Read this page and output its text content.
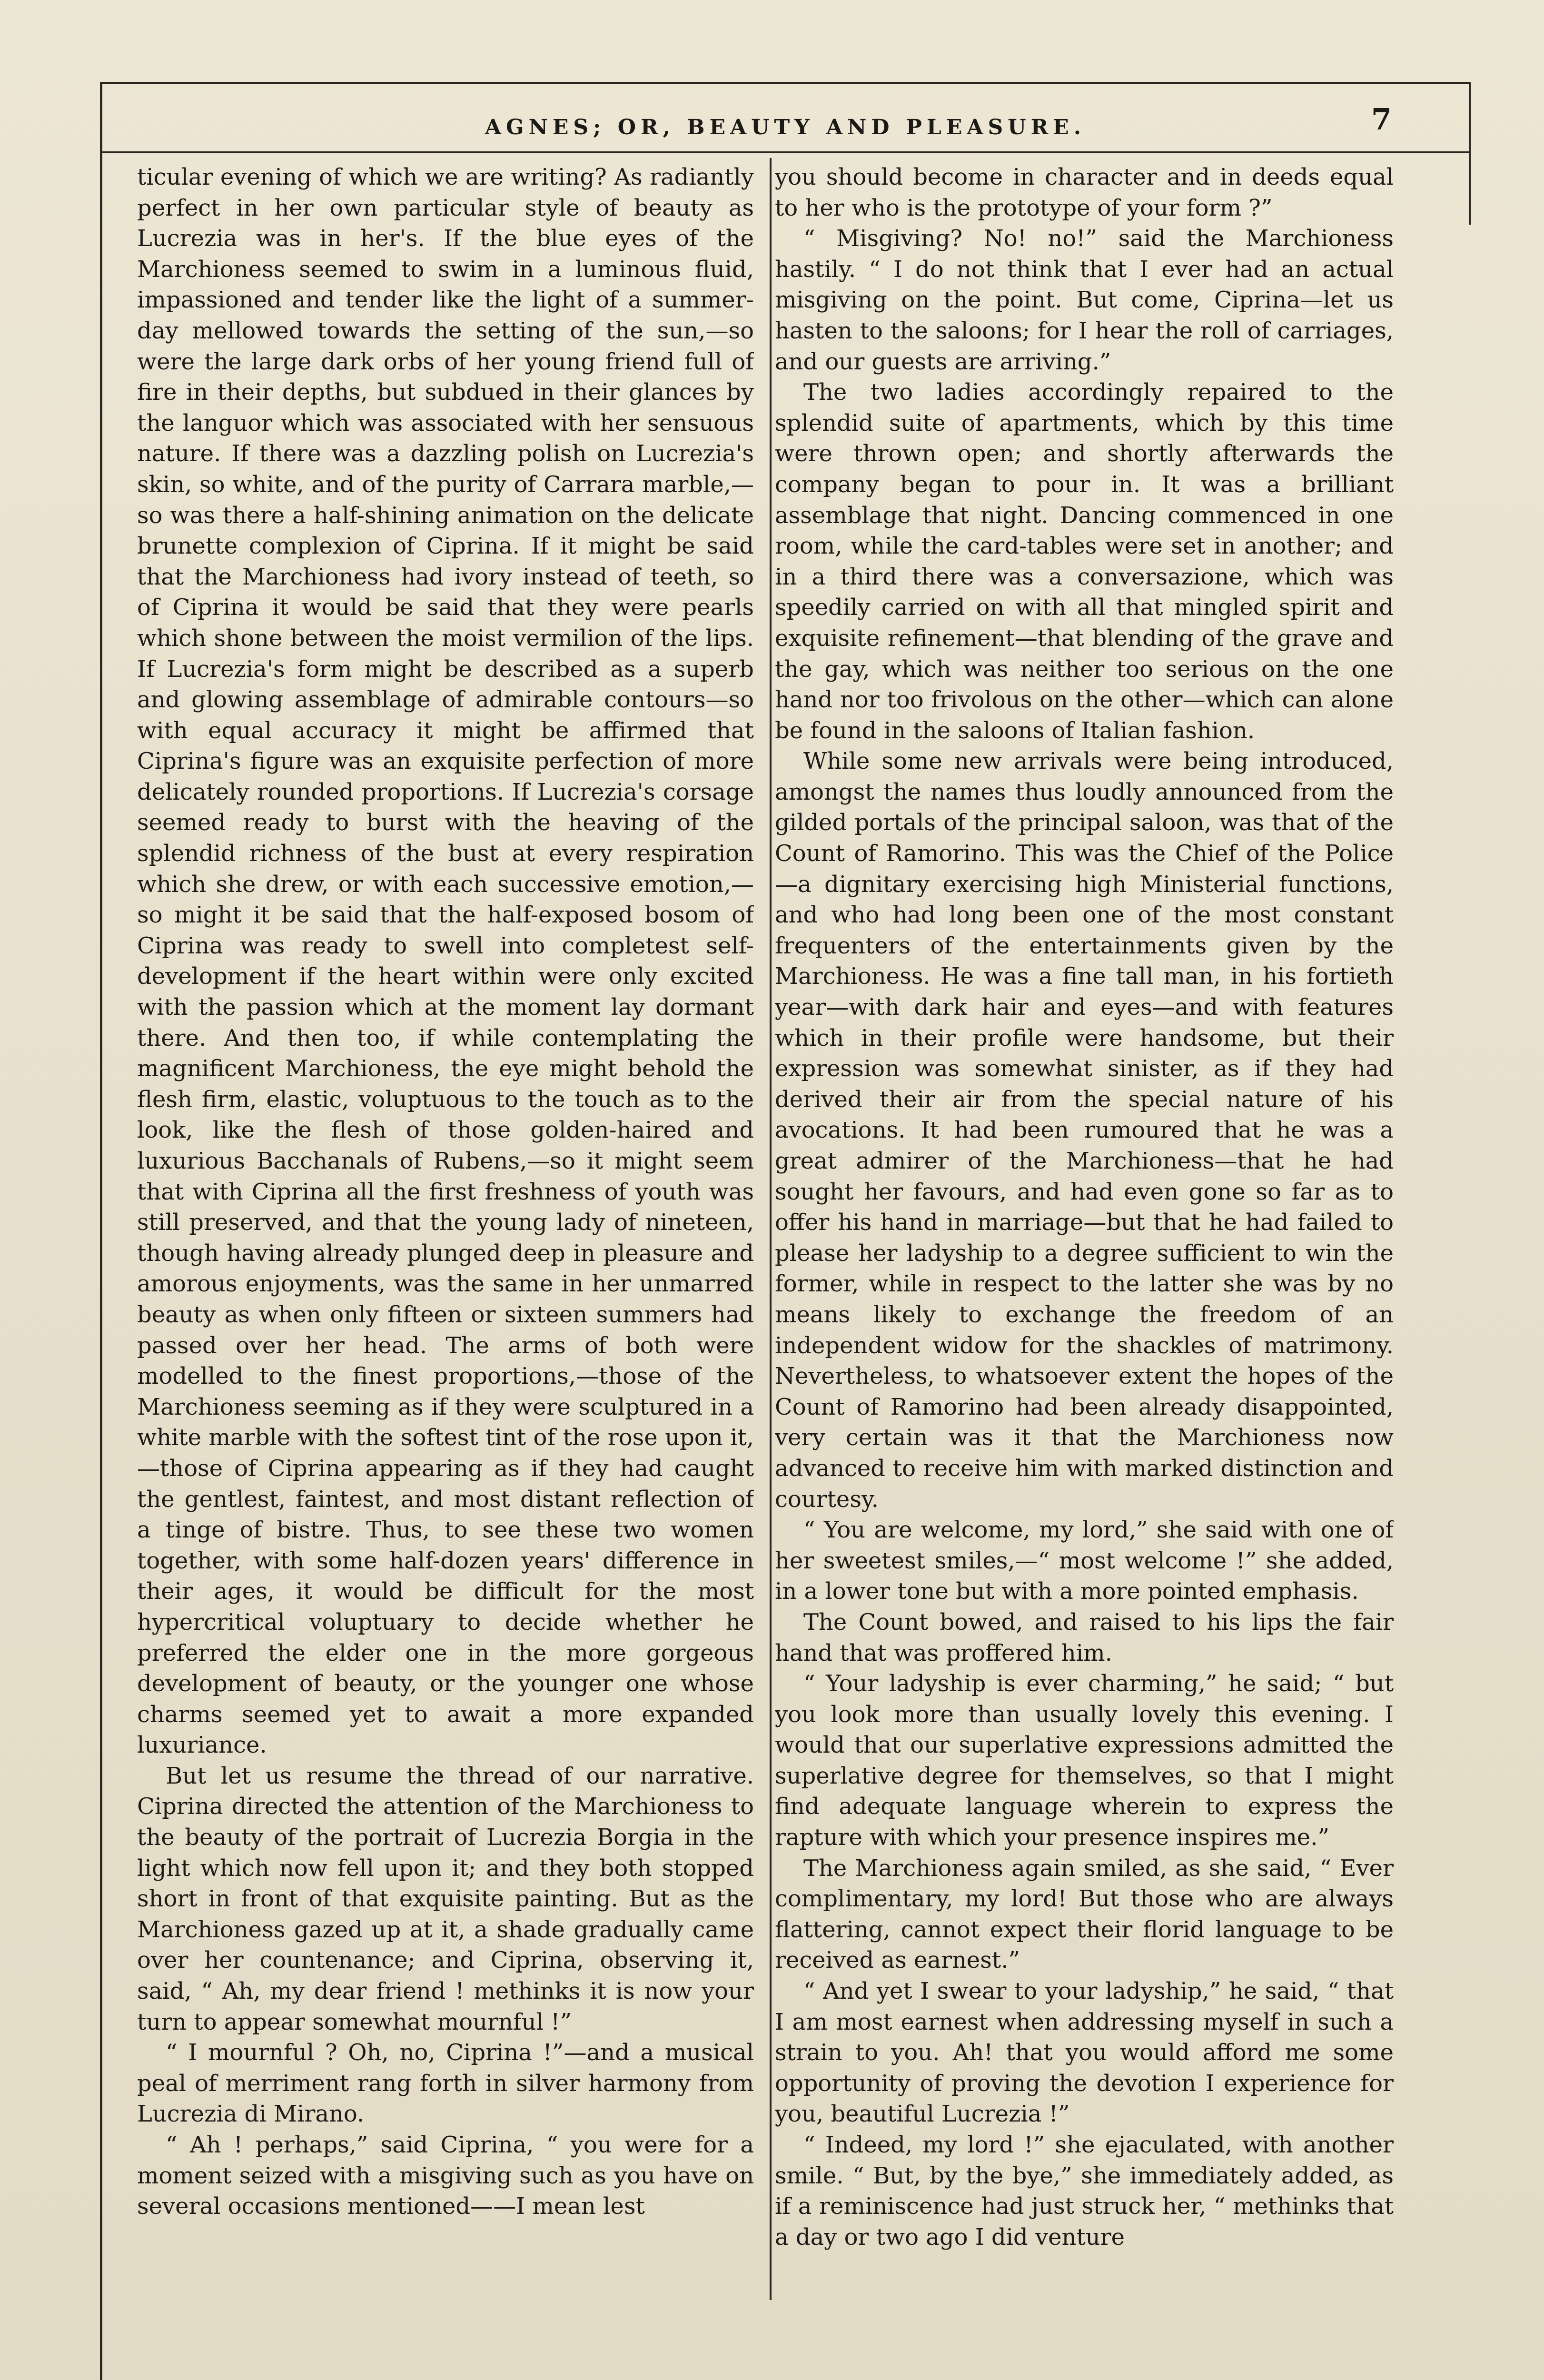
AGNES; OR, BEAUTY AND PLEASURE.	7

ticular evening of which we are writing? As radiantly perfect in her own particular style of beauty as Lucrezia was in her's. If the blue eyes of the Marchioness seemed to swim in a luminous fluid, impassioned and tender like the light of a summer-day mellowed towards the setting of the sun,—so were the large dark orbs of her young friend full of fire in their depths, but subdued in their glances by the languor which was associated with her sensuous nature. If there was a dazzling polish on Lucrezia's skin, so white, and of the purity of Carrara marble,—so was there a half-shining animation on the delicate brunette complexion of Ciprina. If it might be said that the Marchioness had ivory instead of teeth, so of Ciprina it would be said that they were pearls which shone between the moist vermilion of the lips. If Lucrezia's form might be described as a superb and glowing assemblage of admirable contours—so with equal accuracy it might be affirmed that Ciprina's figure was an exquisite perfection of more delicately rounded proportions. If Lucrezia's corsage seemed ready to burst with the heaving of the splendid richness of the bust at every respiration which she drew, or with each successive emotion,—so might it be said that the half-exposed bosom of Ciprina was ready to swell into completest self-development if the heart within were only excited with the passion which at the moment lay dormant there. And then too, if while contemplating the magnificent Marchioness, the eye might behold the flesh firm, elastic, voluptuous to the touch as to the look, like the flesh of those golden-haired and luxurious Bacchanals of Rubens,—so it might seem that with Ciprina all the first freshness of youth was still preserved, and that the young lady of nineteen, though having already plunged deep in pleasure and amorous enjoyments, was the same in her unmarred beauty as when only fifteen or sixteen summers had passed over her head. The arms of both were modelled to the finest proportions,—those of the Marchioness seeming as if they were sculptured in a white marble with the softest tint of the rose upon it,—those of Ciprina appearing as if they had caught the gentlest, faintest, and most distant reflection of a tinge of bistre. Thus, to see these two women together, with some half-dozen years' difference in their ages, it would be difficult for the most hypercritical voluptuary to decide whether he preferred the elder one in the more gorgeous development of beauty, or the younger one whose charms seemed yet to await a more expanded luxuriance.

But let us resume the thread of our narrative. Ciprina directed the attention of the Marchioness to the beauty of the portrait of Lucrezia Borgia in the light which now fell upon it; and they both stopped short in front of that exquisite painting. But as the Marchioness gazed up at it, a shade gradually came over her countenance; and Ciprina, observing it, said, “ Ah, my dear friend ! methinks it is now your turn to appear somewhat mournful !”

“ I mournful ? Oh, no, Ciprina !”—and a musical peal of merriment rang forth in silver harmony from Lucrezia di Mirano.

“ Ah ! perhaps,” said Ciprina, “ you were for a moment seized with a misgiving such as you have on several occasions mentioned——I mean lest

you should become in character and in deeds equal to her who is the prototype of your form ?”

“ Misgiving? No! no!” said the Marchioness hastily. “ I do not think that I ever had an actual misgiving on the point. But come, Ciprina—let us hasten to the saloons; for I hear the roll of carriages, and our guests are arriving.”

The two ladies accordingly repaired to the splendid suite of apartments, which by this time were thrown open; and shortly afterwards the company began to pour in. It was a brilliant assemblage that night. Dancing commenced in one room, while the card-tables were set in another; and in a third there was a conversazione, which was speedily carried on with all that mingled spirit and exquisite refinement—that blending of the grave and the gay, which was neither too serious on the one hand nor too frivolous on the other—which can alone be found in the saloons of Italian fashion.

While some new arrivals were being introduced, amongst the names thus loudly announced from the gilded portals of the principal saloon, was that of the Count of Ramorino. This was the Chief of the Police—a dignitary exercising high Ministerial functions, and who had long been one of the most constant frequenters of the entertainments given by the Marchioness. He was a fine tall man, in his fortieth year—with dark hair and eyes—and with features which in their profile were handsome, but their expression was somewhat sinister, as if they had derived their air from the special nature of his avocations. It had been rumoured that he was a great admirer of the Marchioness—that he had sought her favours, and had even gone so far as to offer his hand in marriage—but that he had failed to please her ladyship to a degree sufficient to win the former, while in respect to the latter she was by no means likely to exchange the freedom of an independent widow for the shackles of matrimony. Nevertheless, to whatsoever extent the hopes of the Count of Ramorino had been already disappointed, very certain was it that the Marchioness now advanced to receive him with marked distinction and courtesy.

“ You are welcome, my lord,” she said with one of her sweetest smiles,—“ most welcome !” she added, in a lower tone but with a more pointed emphasis.

The Count bowed, and raised to his lips the fair hand that was proffered him.

“ Your ladyship is ever charming,” he said; “ but you look more than usually lovely this evening. I would that our superlative expressions admitted the superlative degree for themselves, so that I might find adequate language wherein to express the rapture with which your presence inspires me.”

The Marchioness again smiled, as she said, “ Ever complimentary, my lord! But those who are always flattering, cannot expect their florid language to be received as earnest.”

“ And yet I swear to your ladyship,” he said, “ that I am most earnest when addressing myself in such a strain to you. Ah! that you would afford me some opportunity of proving the devotion I experience for you, beautiful Lucrezia !”

“ Indeed, my lord !” she ejaculated, with another smile. “ But, by the bye,” she immediately added, as if a reminiscence had just struck her, “ methinks that a day or two ago I did venture
